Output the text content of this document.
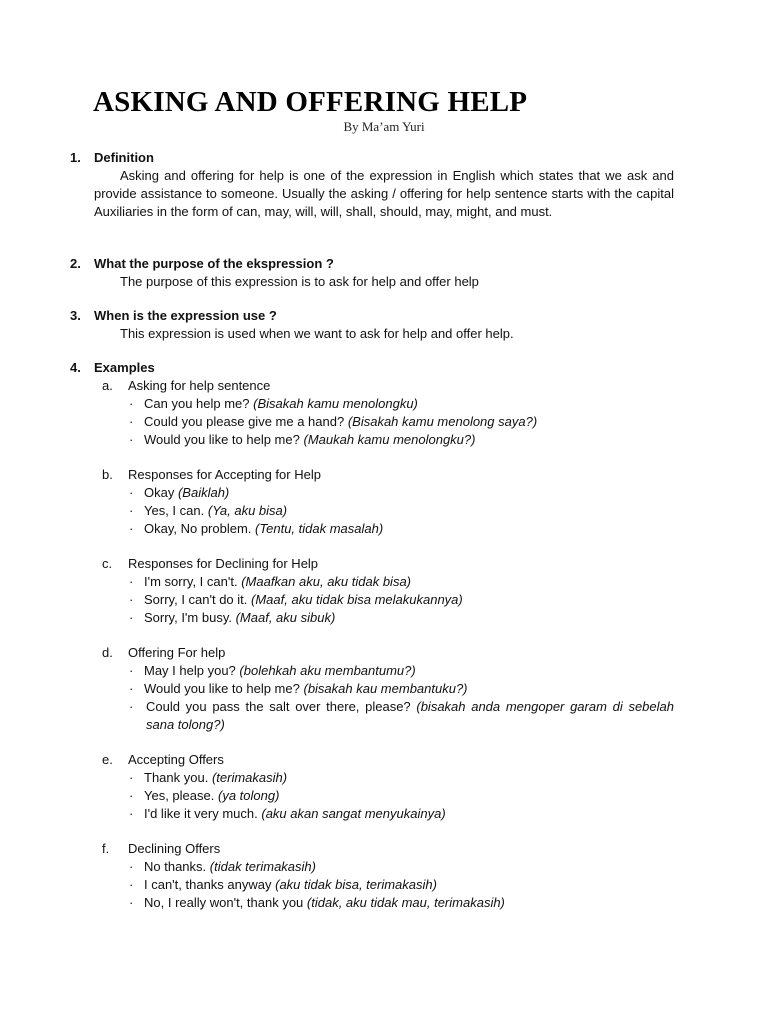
ASKING AND OFFERING HELP
By Ma’am Yuri
1.	Definition
Asking and offering for help is one of the expression in English which states that we ask and provide assistance to someone. Usually the asking / offering for help sentence starts with the capital Auxiliaries in the form of can, may, will, will, shall, should, may, might, and must.
2.	What the purpose of the ekspression ?
The purpose of this expression is to ask for help and offer help
3.	When is the expression use ?
This expression is used when we want to ask for help and offer help.
4.	Examples
a.	Asking for help sentence
· Can you help me? (Bisakah kamu menolongku)
· Could you please give me a hand? (Bisakah kamu menolong saya?)
· Would you like to help me? (Maukah kamu menolongku?)
b.	Responses for Accepting for Help
· Okay (Baiklah)
· Yes, I can. (Ya, aku bisa)
· Okay, No problem. (Tentu, tidak masalah)
c.	Responses for Declining for Help
· I'm sorry, I can't. (Maafkan aku, aku tidak bisa)
· Sorry, I can't do it. (Maaf, aku tidak bisa melakukannya)
· Sorry, I'm busy. (Maaf, aku sibuk)
d.	Offering For help
· May I help you? (bolehkah aku membantumu?)
· Would you like to help me? (bisakah kau membantuku?)
· Could you pass the salt over there, please? (bisakah anda mengoper garam di sebelah sana tolong?)
e.	Accepting Offers
· Thank you. (terimakasih)
· Yes, please. (ya tolong)
· I'd like it very much. (aku akan sangat menyukainya)
f.	Declining Offers
· No thanks. (tidak terimakasih)
· I can't, thanks anyway (aku tidak bisa, terimakasih)
· No, I really won't, thank you (tidak, aku tidak mau, terimakasih)
